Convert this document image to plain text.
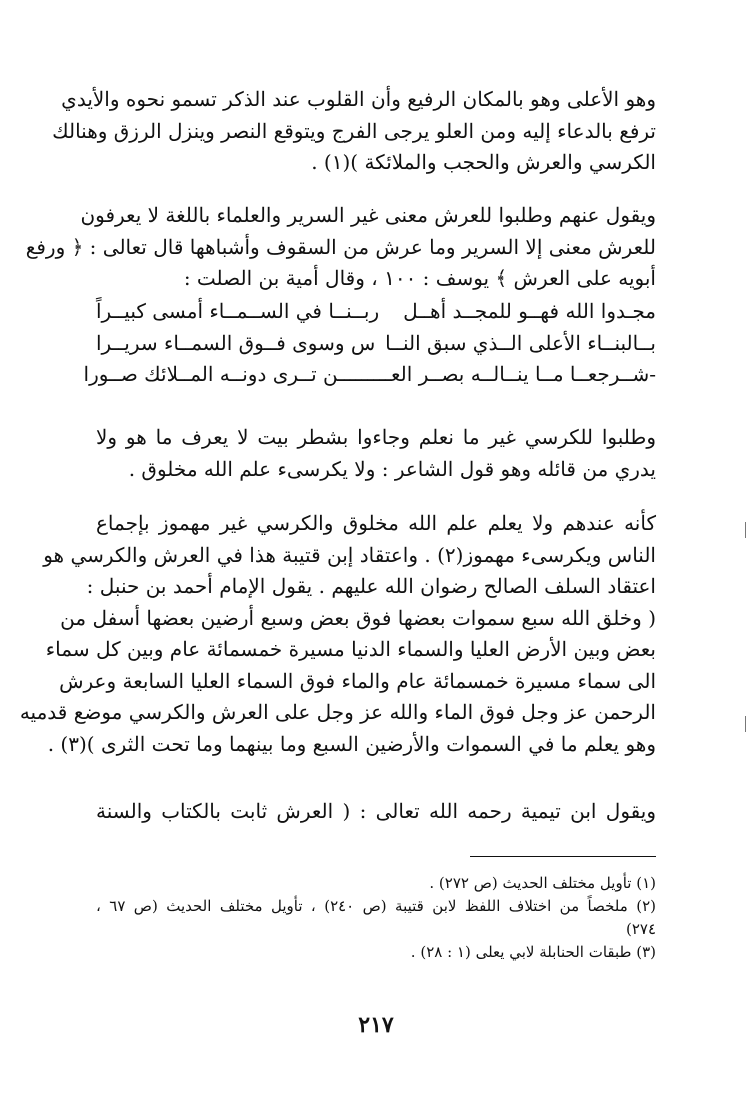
وهو الأعلى وهو بالمكان الرفيع وأن القلوب عند الذكر تسمو نحوه والأيدي
ترفع بالدعاء إليه ومن العلو يرجى الفرج ويتوقع النصر وينزل الرزق وهنالك
الكرسي والعرش والحجب والملائكة )(١) .
ويقول عنهم وطلبوا للعرش معنى غير السرير والعلماء باللغة لا يعرفون
للعرش معنى إلا السرير وما عرش من السقوف وأشباهها قال تعالى : ﴿ ورفع
أبويه على العرش ﴾ يوسف : ١٠٠ ، وقال أمية بن الصلت :
مجـدوا الله فهــو للمجــد أهــل
ربــنــا في الســمــاء أمسى كبيــراً
بــالبنــاء الأعلى الــذي سبق النــا
س وسوى فــوق السمــاء سريــرا
-شــرجعــا مــا ينــالــه بصــر العـــــ
ــــن تــرى دونــه المــلائك صــورا
وطلبوا للكرسي غير ما نعلم وجاءوا بشطر بيت لا يعرف ما هو ولا
يدري من قائله وهو قول الشاعر : ولا يكرسىء علم الله مخلوق .
كأنه عندهم ولا يعلم علم الله مخلوق والكرسي غير مهموز بإجماع
الناس ويكرسىء مهموز(٢) . واعتقاد إبن قتيبة هذا في العرش والكرسي هو
اعتقاد السلف الصالح رضوان الله عليهم . يقول الإمام أحمد بن حنبل :
( وخلق الله سبع سموات بعضها فوق بعض وسبع أرضين بعضها أسفل من
بعض وبين الأرض العليا والسماء الدنيا مسيرة خمسمائة عام وبين كل سماء
الى سماء مسيرة خمسمائة عام والماء فوق السماء العليا السابعة وعرش
الرحمن عز وجل فوق الماء والله عز وجل على العرش والكرسي موضع قدميه
وهو يعلم ما في السموات والأرضين السبع وما بينهما وما تحت الثرى )(٣) .
ويقول ابن تيمية رحمه الله تعالى : ( العرش ثابت بالكتاب والسنة
(١) تأويل مختلف الحديث (ص ٢٧٢) .
(٢) ملخصاً من اختلاف اللفظ لابن قتيبة (ص ٢٤٠) ، تأويل مختلف الحديث (ص ٦٧ ،
٢٧٤)
(٣) طبقات الحنابلة لابي يعلى (١ : ٢٨) .
٢١٧
